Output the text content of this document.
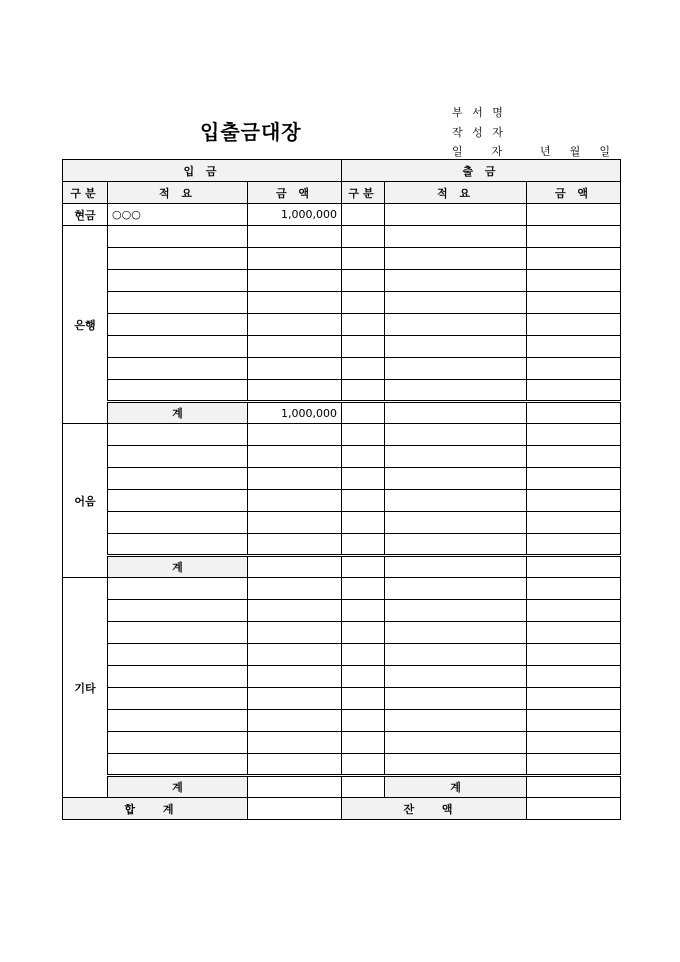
입출금대장
부 서 명
작 성 자
일    자	년 월 일
입 금			출 금		
구분	적 요	금 액	구분	적 요	금 액
현금	○○○	1,000,000			
은행					

	계	1,000,000			
어음					

	계				
기타					

	계			계	
합 계			잔 액		
